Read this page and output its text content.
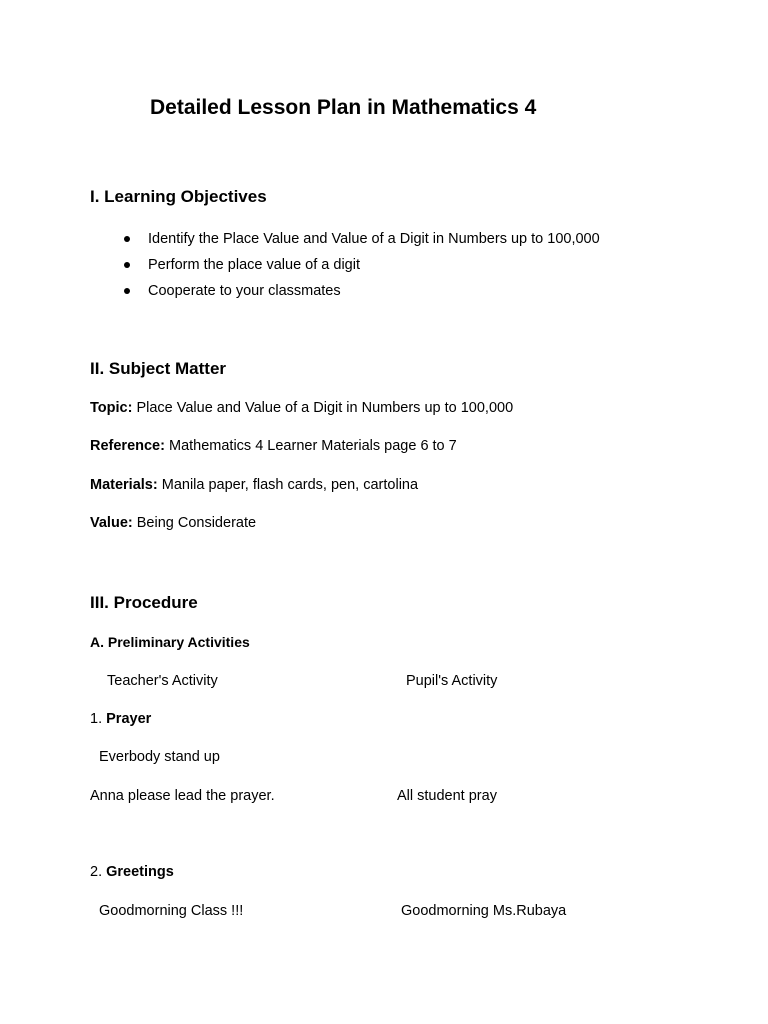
Detailed Lesson Plan in Mathematics 4
I. Learning Objectives
Identify the Place Value and Value of a Digit in Numbers up to 100,000
Perform the place value of a digit
Cooperate to your classmates
II. Subject Matter
Topic: Place Value and Value of a Digit in Numbers up to 100,000
Reference: Mathematics 4 Learner Materials page 6 to 7
Materials: Manila paper, flash cards, pen, cartolina
Value: Being Considerate
III. Procedure
A. Preliminary Activities
Teacher's Activity	Pupil's Activity
1. Prayer
Everbody stand up
Anna please lead the prayer.	All student pray
2. Greetings
Goodmorning Class !!!	Goodmorning Ms.Rubaya
